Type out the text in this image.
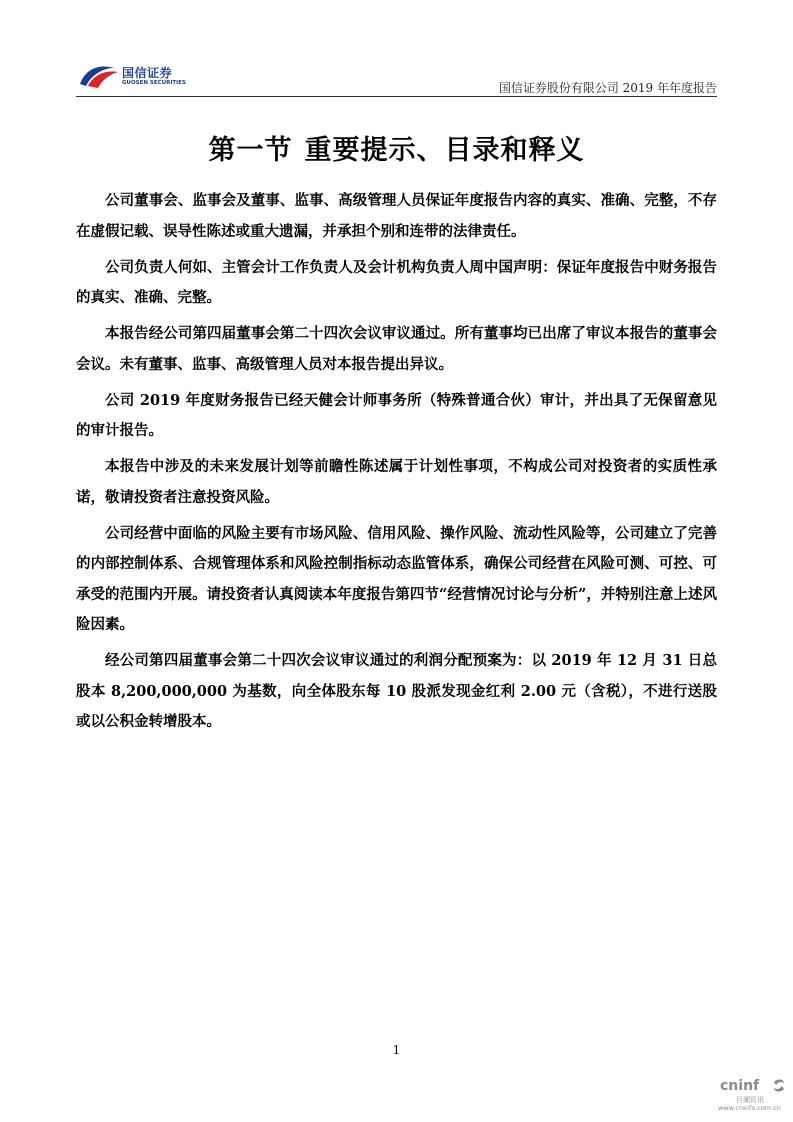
国信证券
GUOSEN SECURITIES	国信证券股份有限公司 2019 年年度报告
第一节 重要提示、目录和释义

公司董事会、监事会及董事、监事、高级管理人员保证年度报告内容的真实、准确、完整，不存在虚假记载、误导性陈述或重大遗漏，并承担个别和连带的法律责任。

公司负责人何如、主管会计工作负责人及会计机构负责人周中国声明：保证年度报告中财务报告的真实、准确、完整。

本报告经公司第四届董事会第二十四次会议审议通过。所有董事均已出席了审议本报告的董事会会议。未有董事、监事、高级管理人员对本报告提出异议。

公司 2019 年度财务报告已经天健会计师事务所（特殊普通合伙）审计，并出具了无保留意见的审计报告。

本报告中涉及的未来发展计划等前瞻性陈述属于计划性事项，不构成公司对投资者的实质性承诺，敬请投资者注意投资风险。

公司经营中面临的风险主要有市场风险、信用风险、操作风险、流动性风险等，公司建立了完善的内部控制体系、合规管理体系和风险控制指标动态监管体系，确保公司经营在风险可测、可控、可承受的范围内开展。请投资者认真阅读本年度报告第四节“经营情况讨论与分析”，并特别注意上述风险因素。

经公司第四届董事会第二十四次会议审议通过的利润分配预案为：以 2019 年 12 月 31 日总股本 8,200,000,000 为基数，向全体股东每 10 股派发现金红利 2.00 元（含税），不进行送股或以公积金转增股本。

1
cninf
巨潮资讯
www.cninfo.com.cn
